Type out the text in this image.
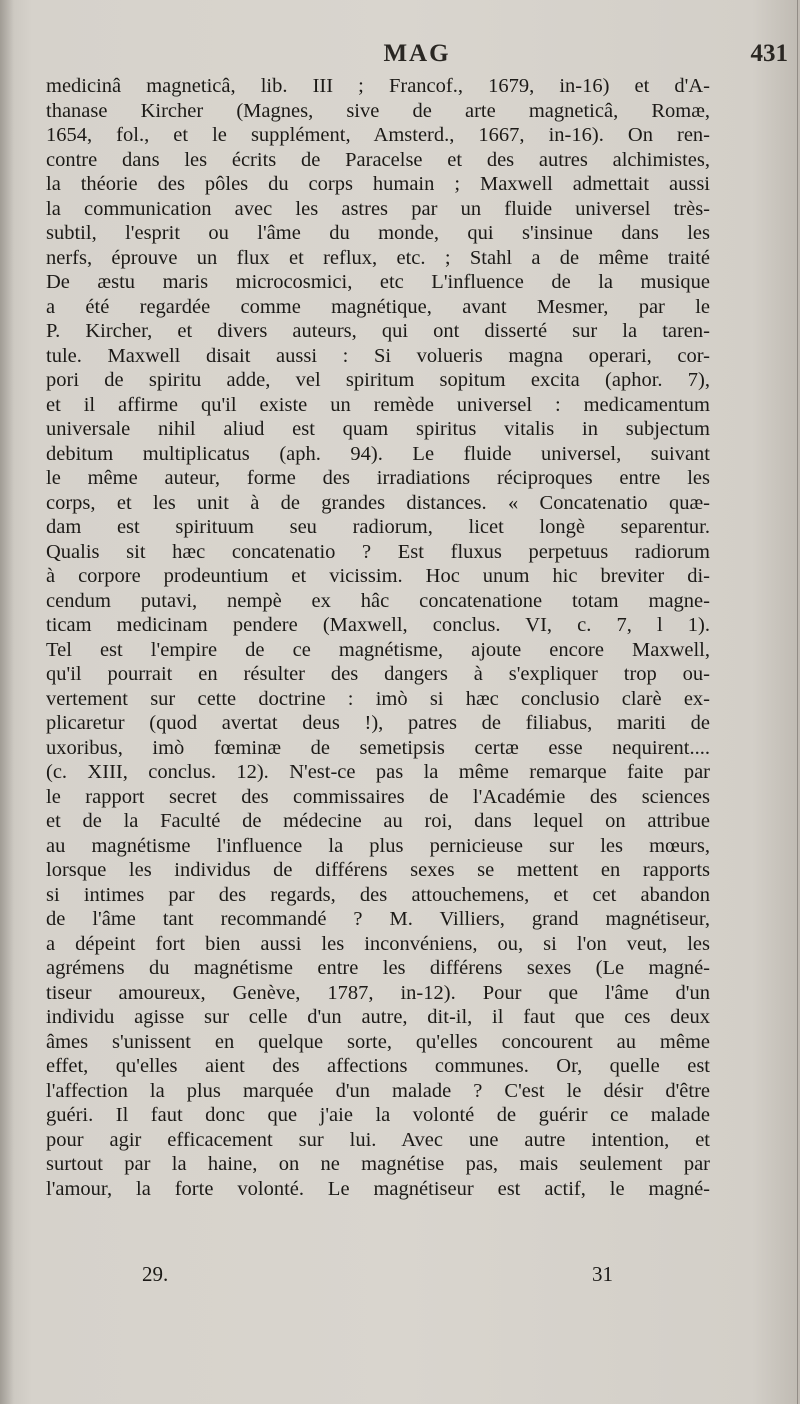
MAG	431
medicinâ magneticâ, lib. III ; Francof., 1679, in-16) et d'A-
thanase Kircher (Magnes, sive de arte magneticâ, Romæ,
1654, fol., et le supplément, Amsterd., 1667, in-16). On ren-
contre dans les écrits de Paracelse et des autres alchimistes,
la théorie des pôles du corps humain ; Maxwell admettait aussi
la communication avec les astres par un fluide universel très-
subtil, l'esprit ou l'âme du monde, qui s'insinue dans les
nerfs, éprouve un flux et reflux, etc. ; Stahl a de même traité
De æstu maris microcosmici, etc L'influence de la musique
a été regardée comme magnétique, avant Mesmer, par le
P. Kircher, et divers auteurs, qui ont disserté sur la taren-
tule. Maxwell disait aussi : Si volueris magna operari, cor-
pori de spiritu adde, vel spiritum sopitum excita (aphor. 7),
et il affirme qu'il existe un remède universel : medicamentum
universale nihil aliud est quam spiritus vitalis in subjectum
debitum multiplicatus (aph. 94). Le fluide universel, suivant
le même auteur, forme des irradiations réciproques entre les
corps, et les unit à de grandes distances. « Concatenatio quæ-
dam est spirituum seu radiorum, licet longè separentur.
Qualis sit hæc concatenatio ? Est fluxus perpetuus radiorum
à corpore prodeuntium et vicissim. Hoc unum hic breviter di-
cendum putavi, nempè ex hâc concatenatione totam magne-
ticam medicinam pendere (Maxwell, conclus. VI, c. 7, l 1).
Tel est l'empire de ce magnétisme, ajoute encore Maxwell,
qu'il pourrait en résulter des dangers à s'expliquer trop ou-
vertement sur cette doctrine : imò si hæc conclusio clarè ex-
plicaretur (quod avertat deus !), patres de filiabus, mariti de
uxoribus, imò fœminæ de semetipsis certæ esse nequirent....
(c. XIII, conclus. 12). N'est-ce pas la même remarque faite par
le rapport secret des commissaires de l'Académie des sciences
et de la Faculté de médecine au roi, dans lequel on attribue
au magnétisme l'influence la plus pernicieuse sur les mœurs,
lorsque les individus de différens sexes se mettent en rapports
si intimes par des regards, des attouchemens, et cet abandon
de l'âme tant recommandé ? M. Villiers, grand magnétiseur,
a dépeint fort bien aussi les inconvéniens, ou, si l'on veut, les
agrémens du magnétisme entre les différens sexes (Le magné-
tiseur amoureux, Genève, 1787, in-12). Pour que l'âme d'un
individu agisse sur celle d'un autre, dit-il, il faut que ces deux
âmes s'unissent en quelque sorte, qu'elles concourent au même
effet, qu'elles aient des affections communes. Or, quelle est
l'affection la plus marquée d'un malade ? C'est le désir d'être
guéri. Il faut donc que j'aie la volonté de guérir ce malade
pour agir efficacement sur lui. Avec une autre intention, et
surtout par la haine, on ne magnétise pas, mais seulement par
l'amour, la forte volonté. Le magnétiseur est actif, le magné-
29.	31
